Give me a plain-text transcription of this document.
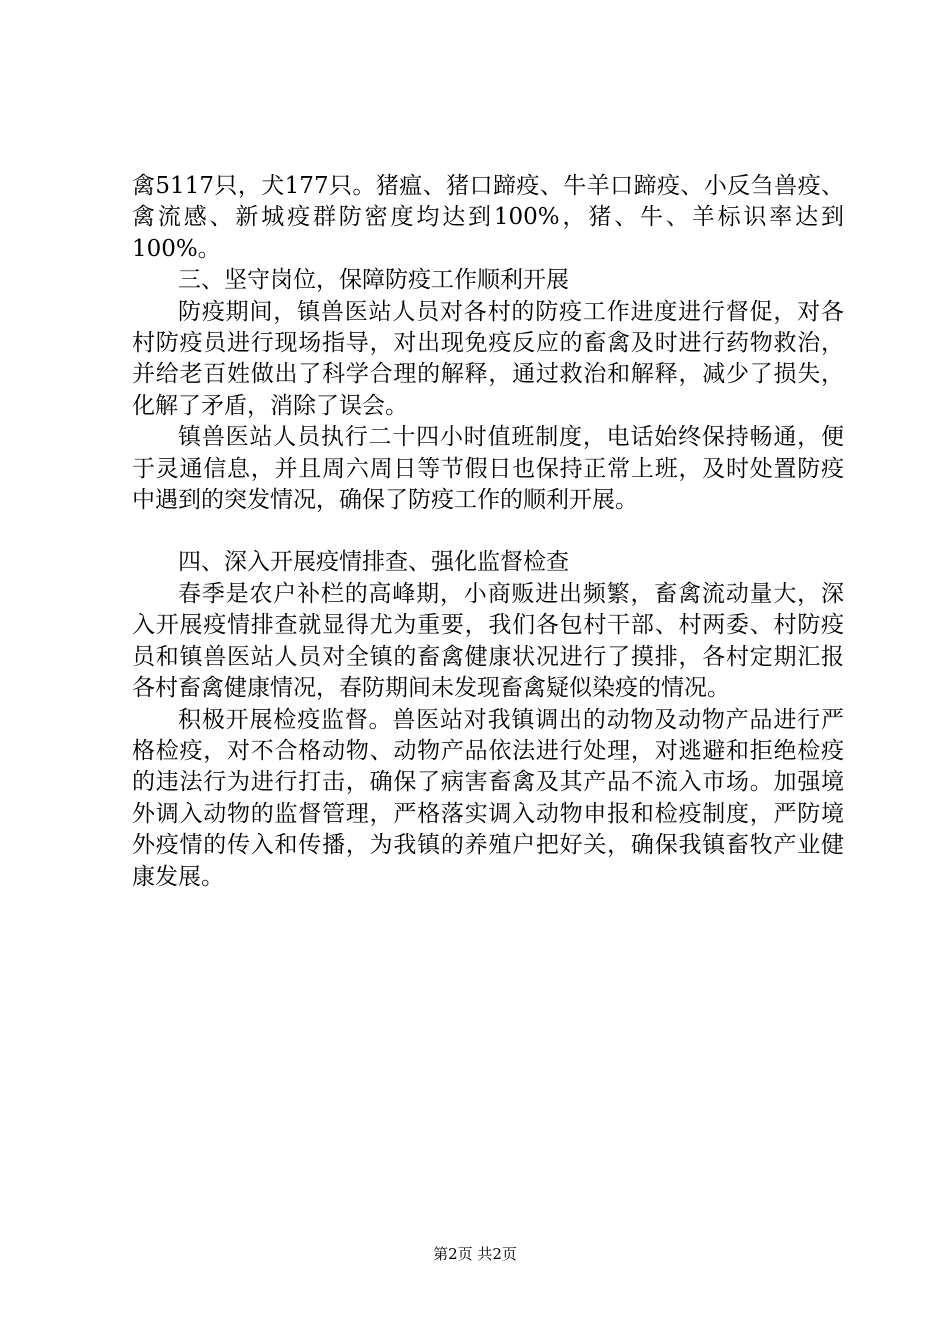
禽5117只，犬177只。猪瘟、猪口蹄疫、牛羊口蹄疫、小反刍兽疫、禽流感、新城疫群防密度均达到100%，猪、牛、羊标识率达到100%。

三、坚守岗位，保障防疫工作顺利开展

防疫期间，镇兽医站人员对各村的防疫工作进度进行督促，对各村防疫员进行现场指导，对出现免疫反应的畜禽及时进行药物救治，并给老百姓做出了科学合理的解释，通过救治和解释，减少了损失，化解了矛盾，消除了误会。

镇兽医站人员执行二十四小时值班制度，电话始终保持畅通，便于灵通信息，并且周六周日等节假日也保持正常上班，及时处置防疫中遇到的突发情况，确保了防疫工作的顺利开展。

四、深入开展疫情排查、强化监督检查

春季是农户补栏的高峰期，小商贩进出频繁，畜禽流动量大，深入开展疫情排查就显得尤为重要，我们各包村干部、村两委、村防疫员和镇兽医站人员对全镇的畜禽健康状况进行了摸排，各村定期汇报各村畜禽健康情况，春防期间未发现畜禽疑似染疫的情况。

积极开展检疫监督。兽医站对我镇调出的动物及动物产品进行严格检疫，对不合格动物、动物产品依法进行处理，对逃避和拒绝检疫的违法行为进行打击，确保了病害畜禽及其产品不流入市场。加强境外调入动物的监督管理，严格落实调入动物申报和检疫制度，严防境外疫情的传入和传播，为我镇的养殖户把好关，确保我镇畜牧产业健康发展。

第2页 共2页
